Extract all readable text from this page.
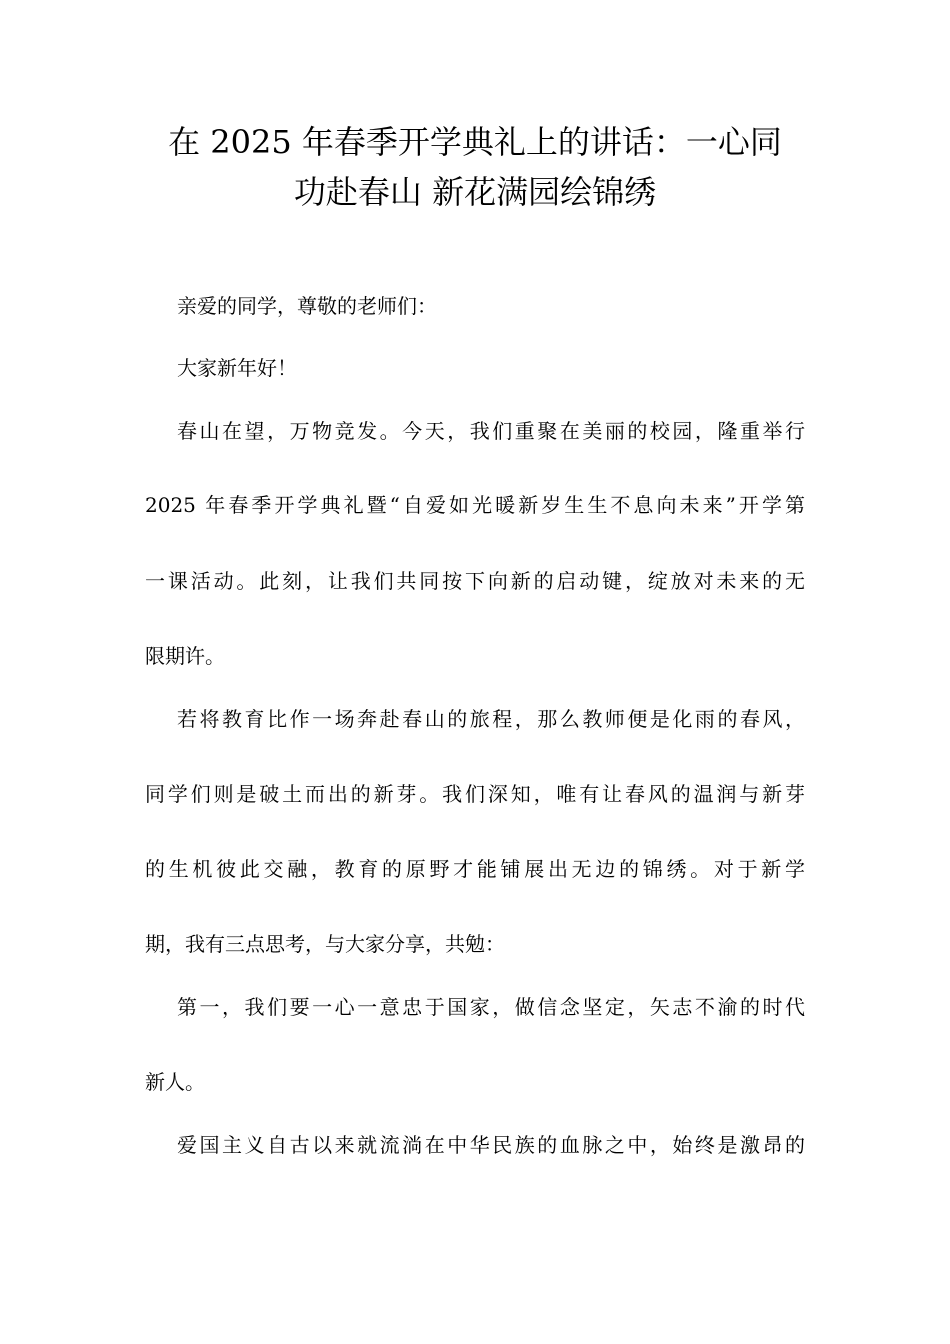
在 2025 年春季开学典礼上的讲话：一心同
功赴春山 新花满园绘锦绣
亲爱的同学，尊敬的老师们：
大家新年好！
春山在望，万物竞发。今天，我们重聚在美丽的校园，隆重举行
2025 年春季开学典礼暨“自爱如光暖新岁生生不息向未来”开学第
一课活动。此刻，让我们共同按下向新的启动键，绽放对未来的无
限期许。
若将教育比作一场奔赴春山的旅程，那么教师便是化雨的春风，
同学们则是破土而出的新芽。我们深知，唯有让春风的温润与新芽
的生机彼此交融，教育的原野才能铺展出无边的锦绣。对于新学
期，我有三点思考，与大家分享，共勉：
第一，我们要一心一意忠于国家，做信念坚定，矢志不渝的时代
新人。
爱国主义自古以来就流淌在中华民族的血脉之中，始终是激昂的
